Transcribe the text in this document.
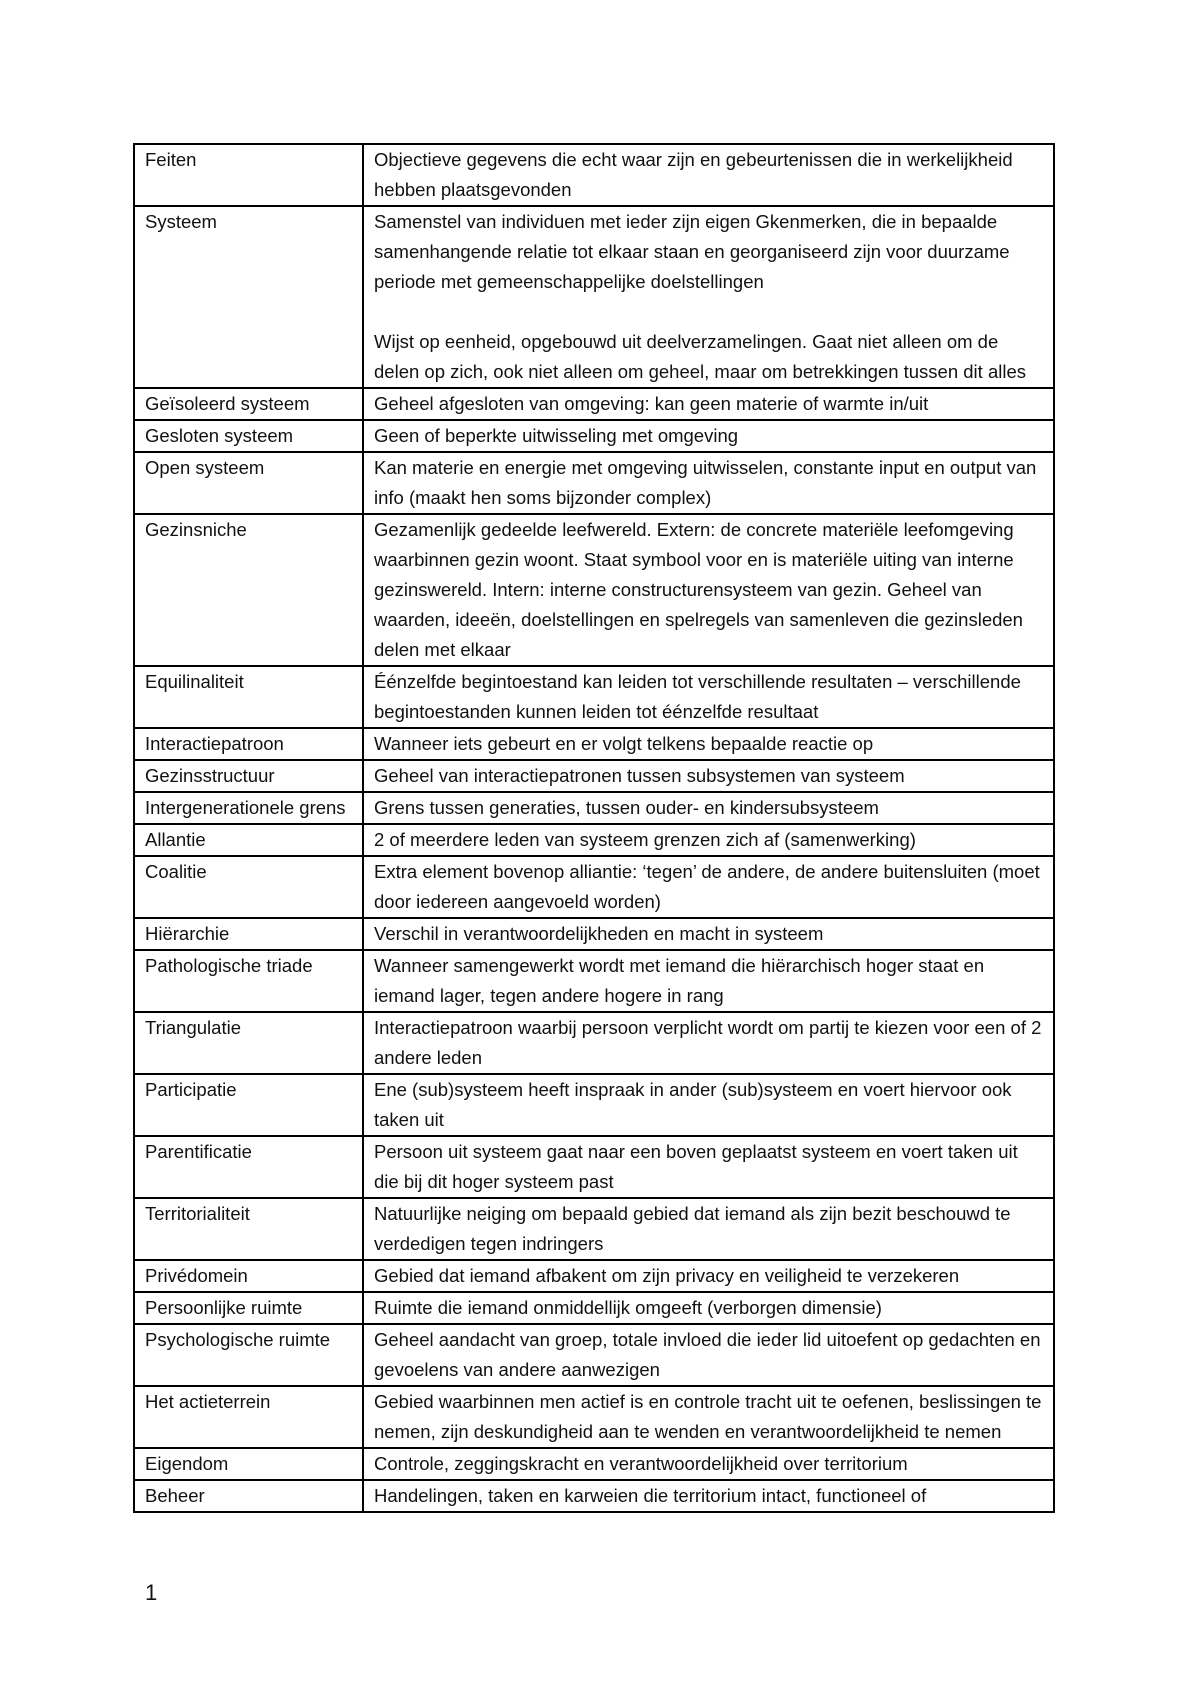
Feiten	Objectieve gegevens die echt waar zijn en gebeurtenissen die in werkelijkheid hebben plaatsgevonden
Systeem	Samenstel van individuen met ieder zijn eigen Gkenmerken, die in bepaalde samenhangende relatie tot elkaar staan en georganiseerd zijn voor duurzame periode met gemeenschappelijke doelstellingen

Wijst op eenheid, opgebouwd uit deelverzamelingen. Gaat niet alleen om de delen op zich, ook niet alleen om geheel, maar om betrekkingen tussen dit alles
Geïsoleerd systeem	Geheel afgesloten van omgeving: kan geen materie of warmte in/uit
Gesloten systeem	Geen of beperkte uitwisseling met omgeving
Open systeem	Kan materie en energie met omgeving uitwisselen, constante input en output van info (maakt hen soms bijzonder complex)
Gezinsniche	Gezamenlijk gedeelde leefwereld. Extern: de concrete materiële leefomgeving waarbinnen gezin woont. Staat symbool voor en is materiële uiting van interne gezinswereld. Intern: interne constructurensysteem van gezin. Geheel van waarden, ideeën, doelstellingen en spelregels van samenleven die gezinsleden delen met elkaar
Equilinaliteit	Éénzelfde begintoestand kan leiden tot verschillende resultaten – verschillende begintoestanden kunnen leiden tot éénzelfde resultaat
Interactiepatroon	Wanneer iets gebeurt en er volgt telkens bepaalde reactie op
Gezinsstructuur	Geheel van interactiepatronen tussen subsystemen van systeem
Intergenerationele grens	Grens tussen generaties, tussen ouder- en kindersubsysteem
Allantie	2 of meerdere leden van systeem grenzen zich af (samenwerking)
Coalitie	Extra element bovenop alliantie: ‘tegen’ de andere, de andere buitensluiten (moet door iedereen aangevoeld worden)
Hiërarchie	Verschil in verantwoordelijkheden en macht in systeem
Pathologische triade	Wanneer samengewerkt wordt met iemand die hiërarchisch hoger staat en iemand lager, tegen andere hogere in rang
Triangulatie	Interactiepatroon waarbij persoon verplicht wordt om partij te kiezen voor een of 2 andere leden
Participatie	Ene (sub)systeem heeft inspraak in ander (sub)systeem en voert hiervoor ook taken uit
Parentificatie	Persoon uit systeem gaat naar een boven geplaatst systeem en voert taken uit die bij dit hoger systeem past
Territorialiteit	Natuurlijke neiging om bepaald gebied dat iemand als zijn bezit beschouwd te verdedigen tegen indringers
Privédomein	Gebied dat iemand afbakent om zijn privacy en veiligheid te verzekeren
Persoonlijke ruimte	Ruimte die iemand onmiddellijk omgeeft (verborgen dimensie)
Psychologische ruimte	Geheel aandacht van groep, totale invloed die ieder lid uitoefent op gedachten en gevoelens van andere aanwezigen
Het actieterrein	Gebied waarbinnen men actief is en controle tracht uit te oefenen, beslissingen te nemen, zijn deskundigheid aan te wenden en verantwoordelijkheid te nemen
Eigendom	Controle, zeggingskracht en verantwoordelijkheid over territorium
Beheer	Handelingen, taken en karweien die territorium intact, functioneel of
1
